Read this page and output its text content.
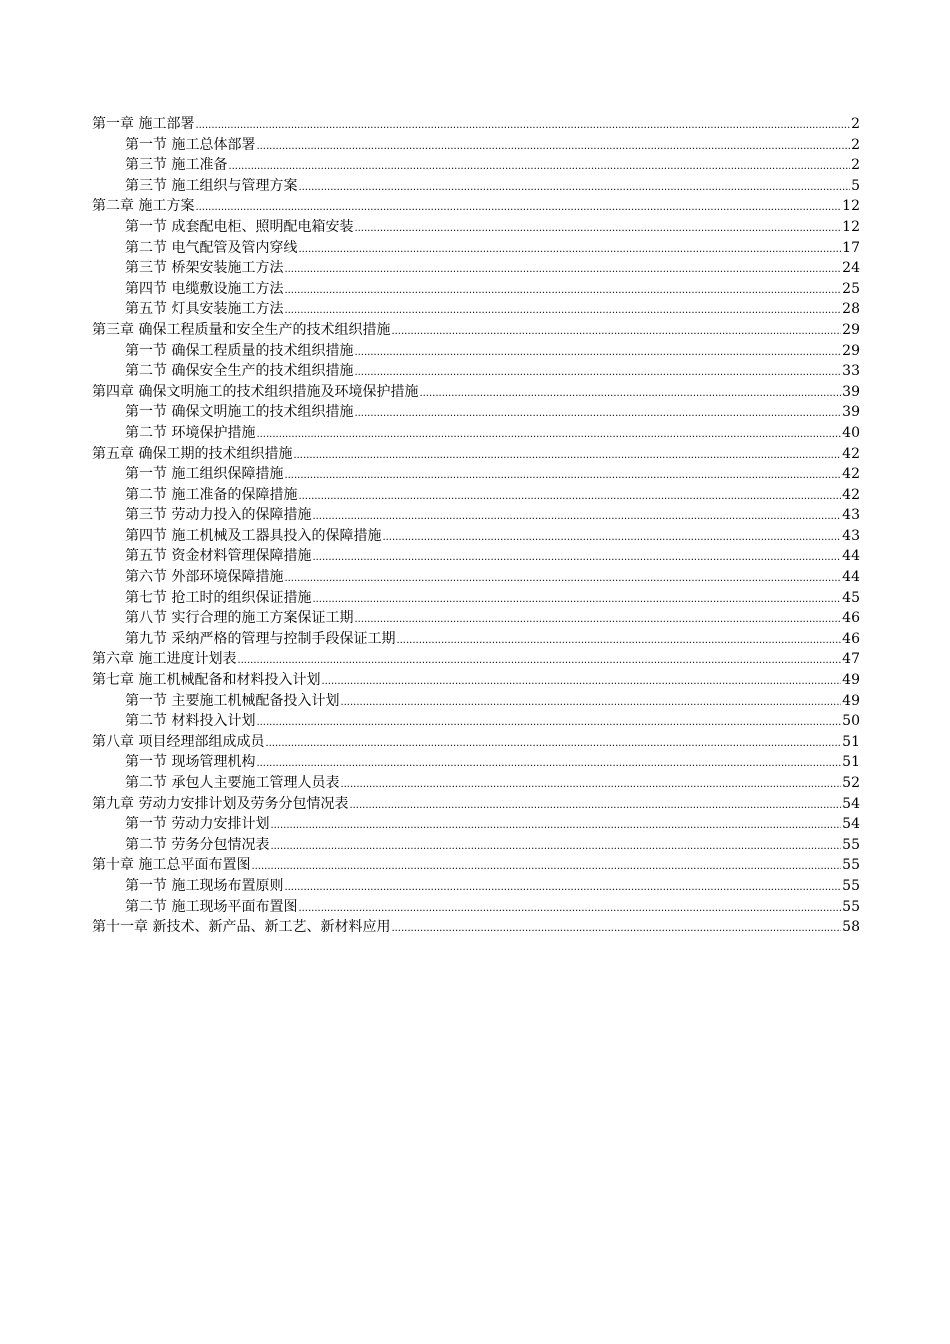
第一章 施工部署 .....	2
第一节 施工总体部署 .....	2
第三节 施工准备 .....	2
第三节 施工组织与管理方案 .....	5
第二章 施工方案 .....	12
第一节 成套配电柜、照明配电箱安装 .....	12
第二节 电气配管及管内穿线 .....	17
第三节 桥架安装施工方法 .....	24
第四节 电缆敷设施工方法 .....	25
第五节 灯具安装施工方法 .....	28
第三章 确保工程质量和安全生产的技术组织措施 .....	29
第一节 确保工程质量的技术组织措施 .....	29
第二节 确保安全生产的技术组织措施 .....	33
第四章 确保文明施工的技术组织措施及环境保护措施 .....	39
第一节 确保文明施工的技术组织措施 .....	39
第二节 环境保护措施 .....	40
第五章 确保工期的技术组织措施 .....	42
第一节 施工组织保障措施 .....	42
第二节 施工准备的保障措施 .....	42
第三节 劳动力投入的保障措施 .....	43
第四节 施工机械及工器具投入的保障措施 .....	43
第五节 资金材料管理保障措施 .....	44
第六节 外部环境保障措施 .....	44
第七节 抢工时的组织保证措施 .....	45
第八节 实行合理的施工方案保证工期 .....	46
第九节 采纳严格的管理与控制手段保证工期 .....	46
第六章 施工进度计划表 .....	47
第七章 施工机械配备和材料投入计划 .....	49
第一节 主要施工机械配备投入计划 .....	49
第二节 材料投入计划 .....	50
第八章 项目经理部组成成员 .....	51
第一节 现场管理机构 .....	51
第二节 承包人主要施工管理人员表 .....	52
第九章 劳动力安排计划及劳务分包情况表 .....	54
第一节 劳动力安排计划 .....	54
第二节 劳务分包情况表 .....	55
第十章 施工总平面布置图 .....	55
第一节 施工现场布置原则 .....	55
第二节 施工现场平面布置图 .....	55
第十一章 新技术、新产品、新工艺、新材料应用 .....	58
